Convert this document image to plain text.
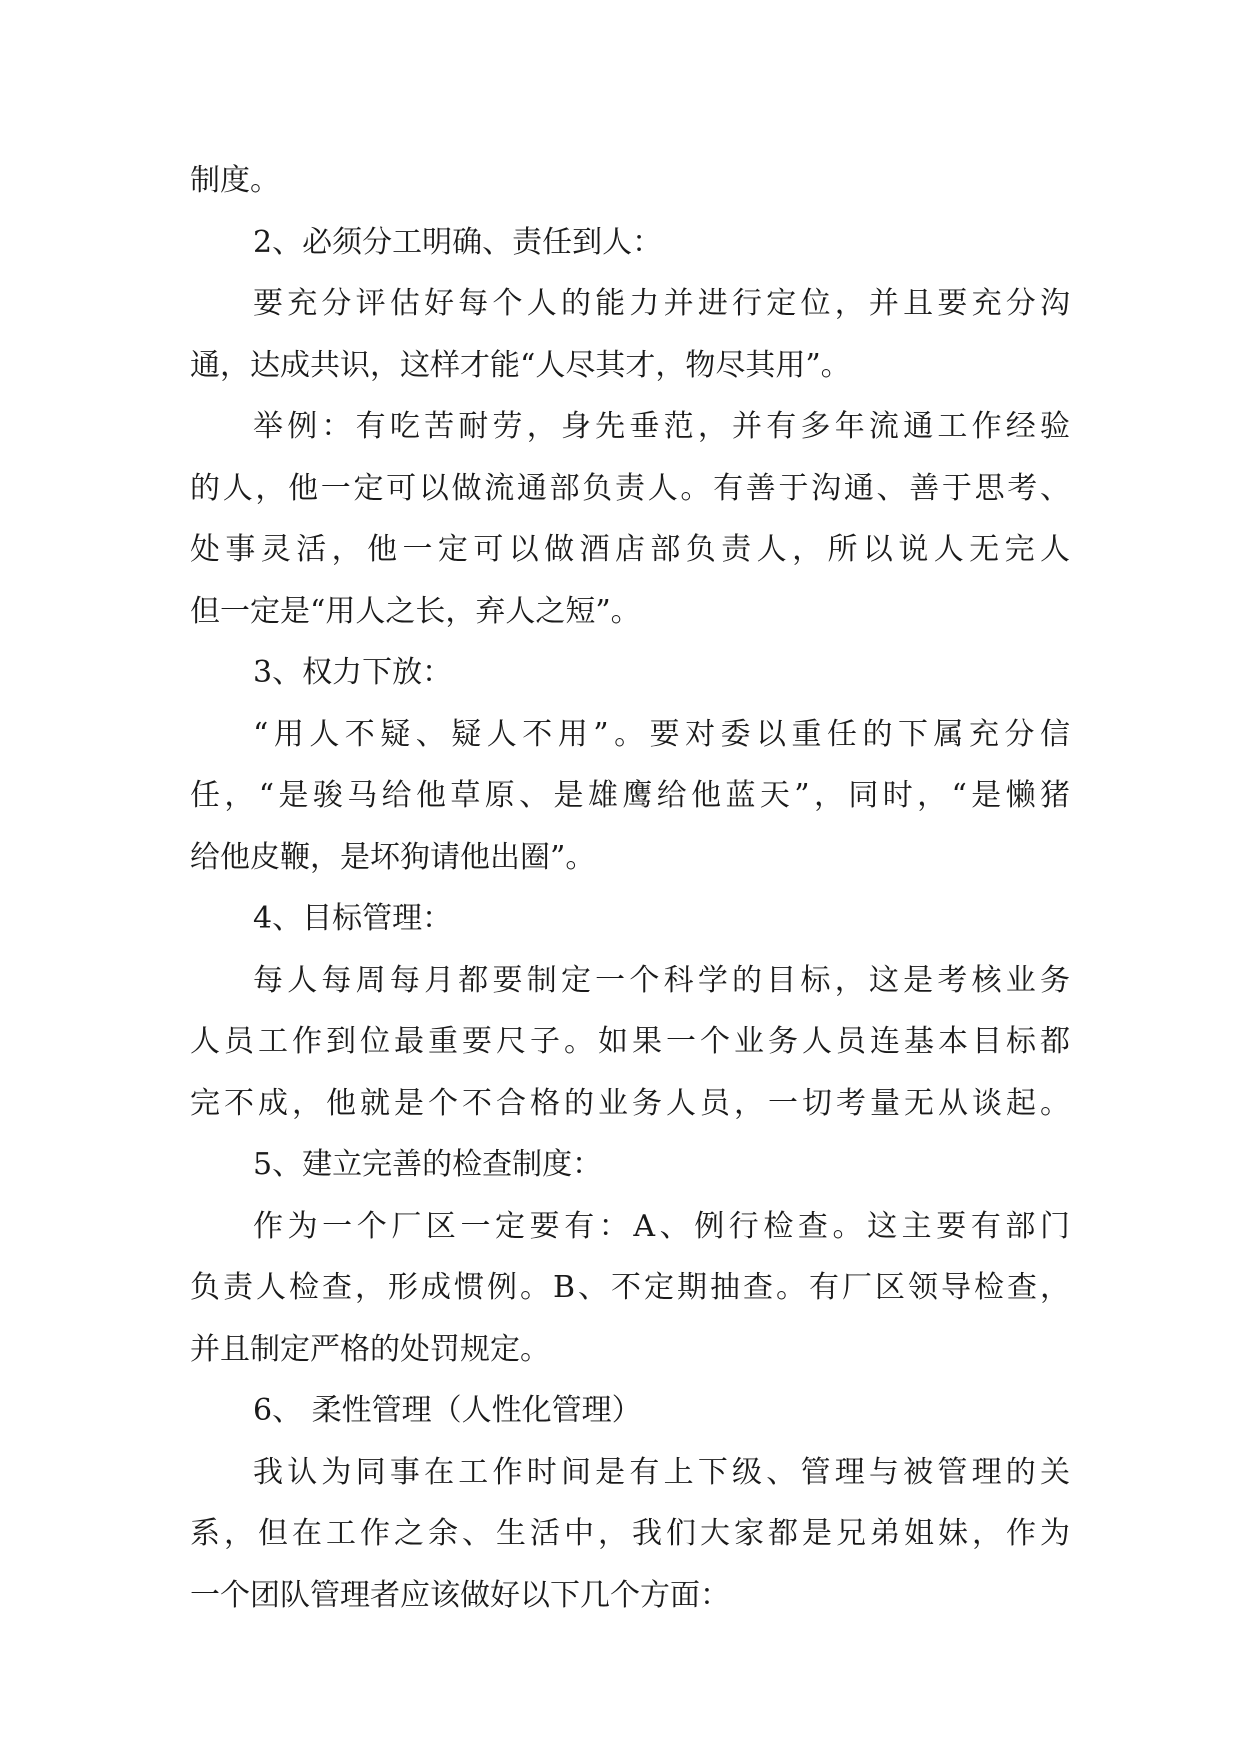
制度。
2、必须分工明确、责任到人：
要充分评估好每个人的能力并进行定位，并且要充分沟
通，达成共识，这样才能“人尽其才，物尽其用”。
举例：有吃苦耐劳，身先垂范，并有多年流通工作经验
的人，他一定可以做流通部负责人。有善于沟通、善于思考、
处事灵活，他一定可以做酒店部负责人，所以说人无完人
但一定是“用人之长，弃人之短”。
3、权力下放：
“用人不疑、疑人不用”。要对委以重任的下属充分信
任，“是骏马给他草原、是雄鹰给他蓝天”，同时，“是懒猪
给他皮鞭，是坏狗请他出圈”。
4、目标管理：
每人每周每月都要制定一个科学的目标，这是考核业务
人员工作到位最重要尺子。如果一个业务人员连基本目标都
完不成，他就是个不合格的业务人员，一切考量无从谈起。
5、建立完善的检查制度：
作为一个厂区一定要有：A、例行检查。这主要有部门
负责人检查，形成惯例。B、不定期抽查。有厂区领导检查，
并且制定严格的处罚规定。
6、 柔性管理（人性化管理）
我认为同事在工作时间是有上下级、管理与被管理的关
系，但在工作之余、生活中，我们大家都是兄弟姐妹，作为
一个团队管理者应该做好以下几个方面：
